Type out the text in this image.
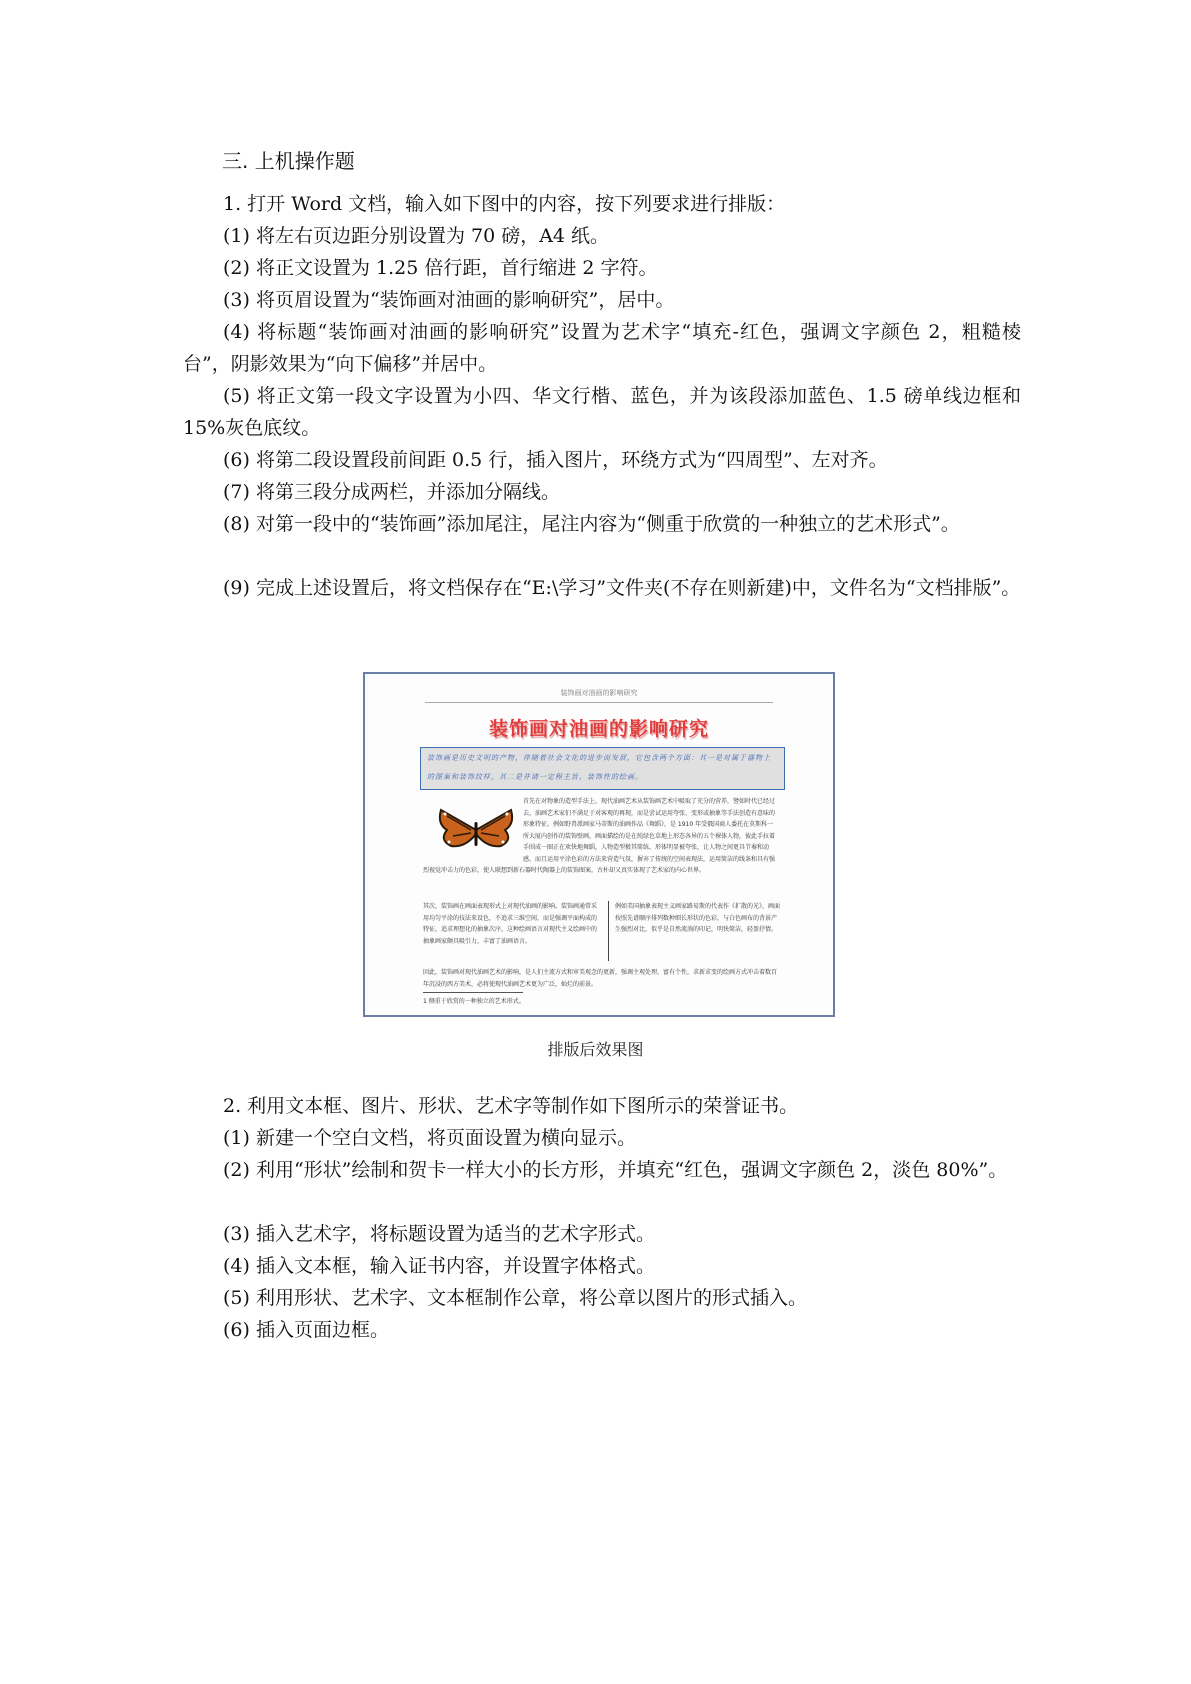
三. 上机操作题
1. 打开 Word 文档，输入如下图中的内容，按下列要求进行排版：
(1) 将左右页边距分别设置为 70 磅，A4 纸。
(2) 将正文设置为 1.25 倍行距，首行缩进 2 字符。
(3) 将页眉设置为“装饰画对油画的影响研究”，居中。
(4) 将标题“装饰画对油画的影响研究”设置为艺术字“填充-红色，强调文字颜色 2，粗糙棱台”，阴影效果为“向下偏移”并居中。
(5) 将正文第一段文字设置为小四、华文行楷、蓝色，并为该段添加蓝色、1.5 磅单线边框和 15%灰色底纹。
(6) 将第二段设置段前间距 0.5 行，插入图片，环绕方式为“四周型”、左对齐。
(7) 将第三段分成两栏，并添加分隔线。
(8) 对第一段中的“装饰画”添加尾注，尾注内容为“侧重于欣赏的一种独立的艺术形式”。
(9) 完成上述设置后，将文档保存在“E:\学习”文件夹(不存在则新建)中，文件名为“文档排版”。
装饰画对油画的影响研究
装饰画对油画的影响研究
装饰画是历史文明的产物，伴随着社会文化的进步而发展，它包含两个方面：其一是对属于器物上的图案和装饰纹样，其二是并请一定程主旨，装饰性的绘画。
首先在对物象的造型手法上，现代油画艺术从装饰画艺术中吸取了充分的营养，譬如时代已经过去，油画艺术家们不满足于对客观的再现，而是尝试运用夸张、变形或抽象等手法创造有意味的形象特征。例如野兽派画家马蒂斯的油画作品《舞蹈》，是 1910 年受俄国商人委托在莫斯科一所大厦内创作的装饰壁画，画面描绘的是在纯绿色草地上形态各异的五个裸体人物，彼此手拉着手围成一圈正在欢快地舞蹈，人物造型极其简练，形体明显被夸张，让人物之间更具节奏和动感，而且运用平涂色彩的方法来营造气氛，摒弃了传统的空间表现法，运用简洁的线条和具有强烈视觉冲击力的色彩，使人联想到新石器时代陶器上的装饰图案，古朴却又真实体现了艺术家的内心世界。
其次，装饰画在画面表现形式上对现代油画的影响。装饰画通常采用均匀平涂的技法来设色，不追求三维空间，而是强调平面构成的特征，追求理想化的抽象次序，这种绘画语言对现代主义绘画中的抽象画家颇具吸引力，丰富了油画语言。
例如美国抽象表现主义画家路易斯的代表作《扩散的光》，画面按照先谱顺序排列数种细长形状的色彩，与白色画布的背景产生强烈对比，似乎是自然流淌的印记，明快简洁，轻盈抒情。
因此，装饰画对现代油画艺术的影响，是人们主流方式和审美观念的更新，强调主观处理，富有个性，求新求变的绘画方式冲击着数百年沉浸的西方美术，必将使现代油画艺术更为广泛，灿烂的前景。
1 侧重于欣赏的一种独立的艺术形式。
排版后效果图
2. 利用文本框、图片、形状、艺术字等制作如下图所示的荣誉证书。
(1) 新建一个空白文档，将页面设置为横向显示。
(2) 利用“形状”绘制和贺卡一样大小的长方形，并填充“红色，强调文字颜色 2，淡色 80%”。
(3) 插入艺术字，将标题设置为适当的艺术字形式。
(4) 插入文本框，输入证书内容，并设置字体格式。
(5) 利用形状、艺术字、文本框制作公章，将公章以图片的形式插入。
(6) 插入页面边框。
